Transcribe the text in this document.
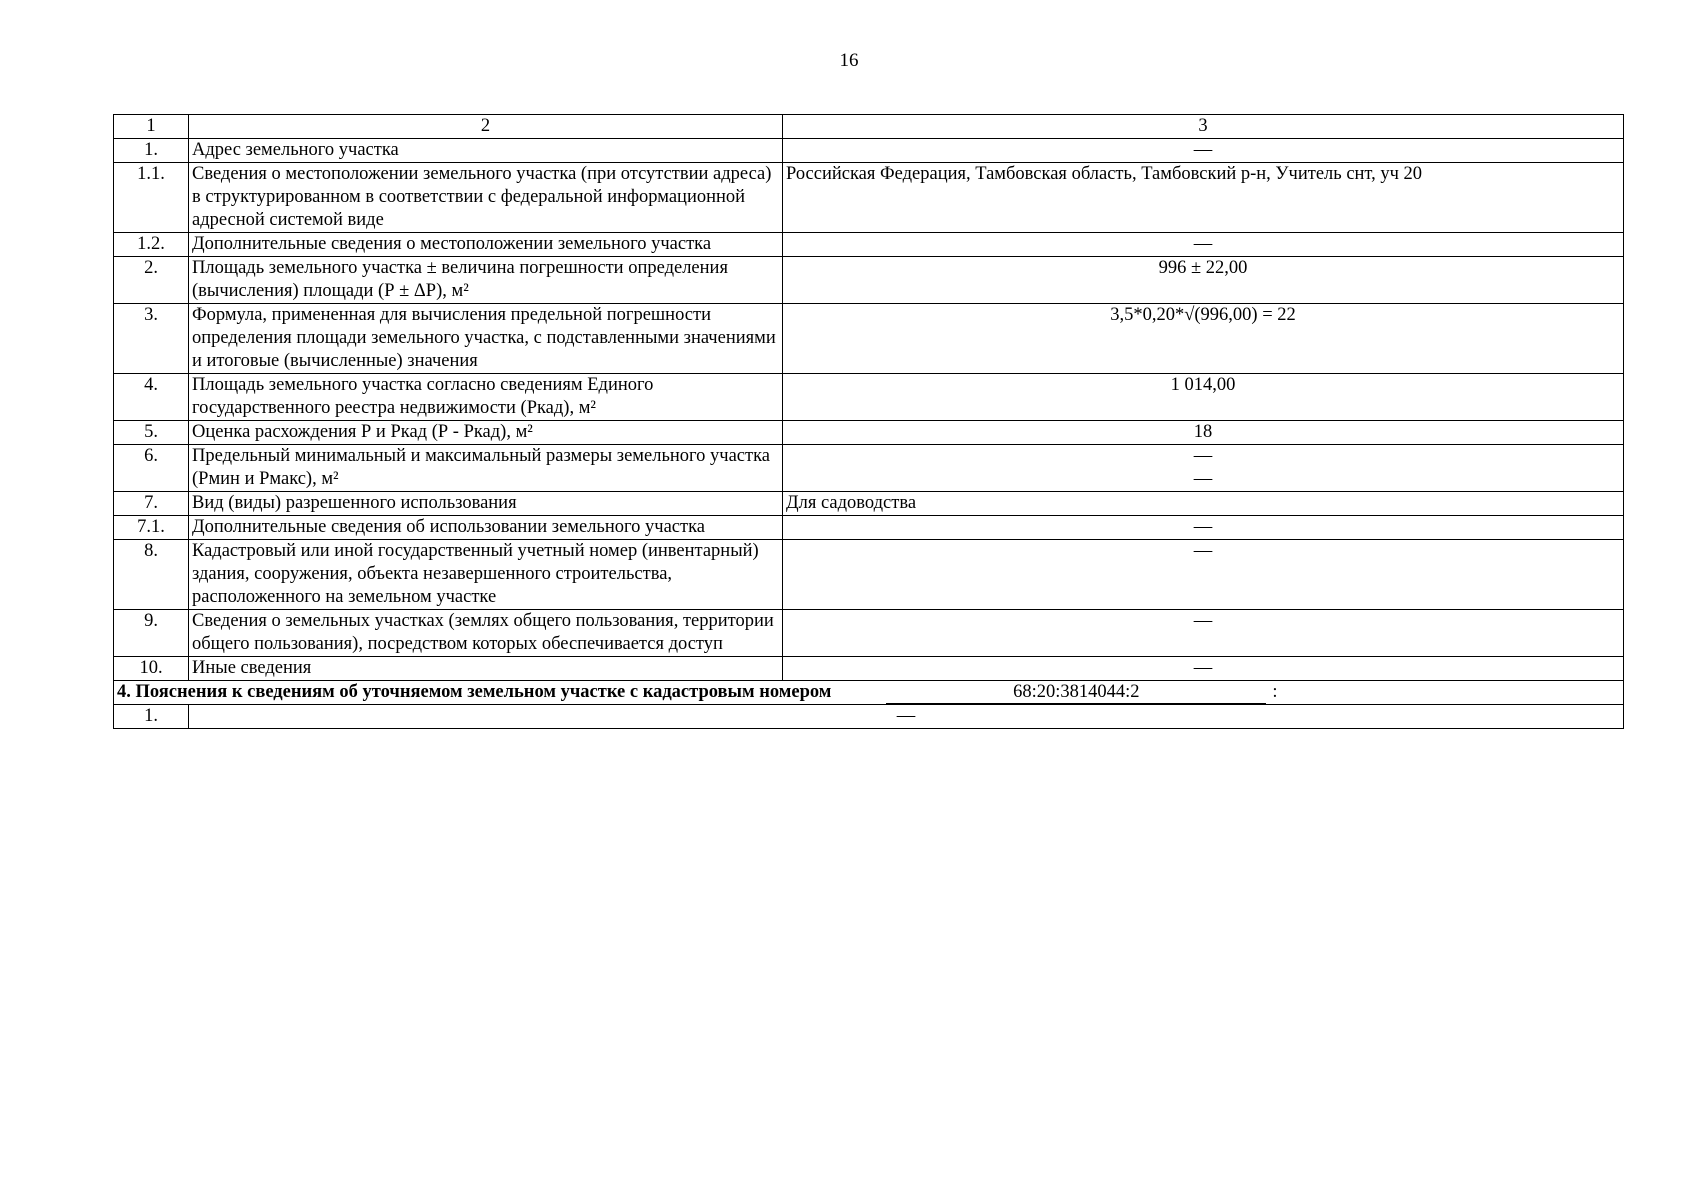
16
1	2	3
1.	Адрес земельного участка	—
1.1.	Сведения о местоположении земельного участка (при отсутствии адреса) в структурированном в соответствии с федеральной информационной адресной системой виде	Российская Федерация, Тамбовская область, Тамбовский р-н, Учитель снт, уч 20
1.2.	Дополнительные сведения о местоположении земельного участка	—
2.	Площадь земельного участка ± величина погрешности определения (вычисления) площади (Р ± ΔР), м²	996 ± 22,00
3.	Формула, примененная для вычисления предельной погрешности определения площади земельного участка, с подставленными значениями и итоговые (вычисленные) значения	3,5*0,20*√(996,00) = 22
4.	Площадь земельного участка согласно сведениям Единого государственного реестра недвижимости (Ркад), м²	1 014,00
5.	Оценка расхождения Р и Ркад (Р - Ркад), м²	18
6.	Предельный минимальный и максимальный размеры земельного участка (Рмин и Рмакс), м²	—
—

7.	Вид (виды) разрешенного использования	Для садоводства
7.1.	Дополнительные сведения об использовании земельного участка	—
8.	Кадастровый или иной государственный учетный номер (инвентарный) здания, сооружения, объекта незавершенного строительства, расположенного на земельном участке	—
9.	Сведения о земельных участках (землях общего пользования, территории общего пользования), посредством которых обеспечивается доступ	—
10.	Иные сведения	—
4. Пояснения к сведениям об уточняемом земельном участке с кадастровым номером 68:20:3814044:2 :		
1.	—	
